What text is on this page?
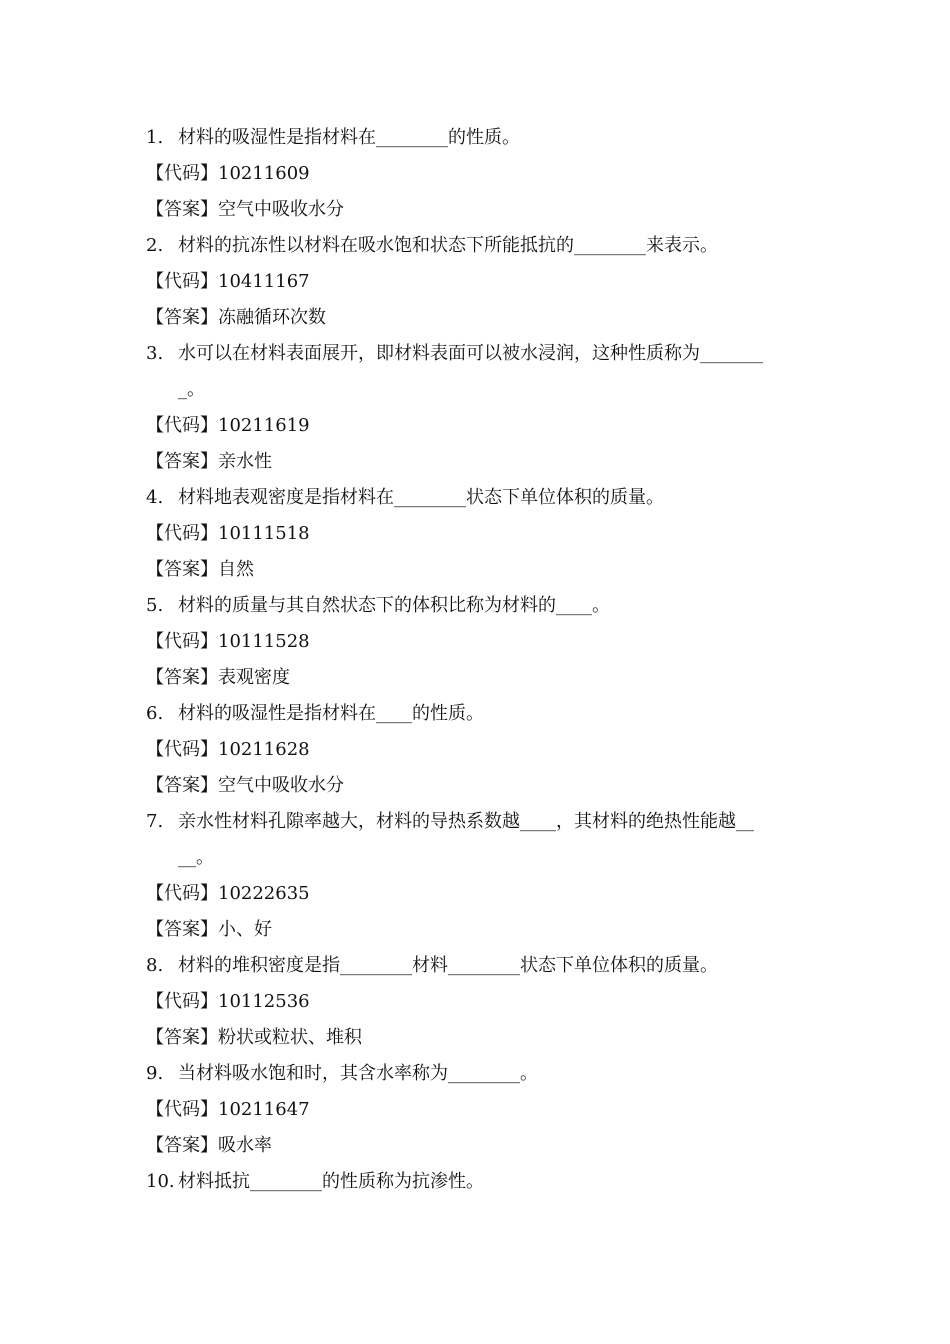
1. 材料的吸湿性是指材料在________的性质。
【代码】10211609
【答案】空气中吸收水分
2. 材料的抗冻性以材料在吸水饱和状态下所能抵抗的________来表示。
【代码】10411167
【答案】冻融循环次数
3. 水可以在材料表面展开，即材料表面可以被水浸润，这种性质称为_______
_。
【代码】10211619
【答案】亲水性
4. 材料地表观密度是指材料在________状态下单位体积的质量。
【代码】10111518
【答案】自然
5. 材料的质量与其自然状态下的体积比称为材料的____。
【代码】10111528
【答案】表观密度
6. 材料的吸湿性是指材料在____的性质。
【代码】10211628
【答案】空气中吸收水分
7. 亲水性材料孔隙率越大，材料的导热系数越____，其材料的绝热性能越__
__。
【代码】10222635
【答案】小、好
8. 材料的堆积密度是指________材料________状态下单位体积的质量。
【代码】10112536
【答案】粉状或粒状、堆积
9. 当材料吸水饱和时，其含水率称为________。
【代码】10211647
【答案】吸水率
10. 材料抵抗________的性质称为抗渗性。
